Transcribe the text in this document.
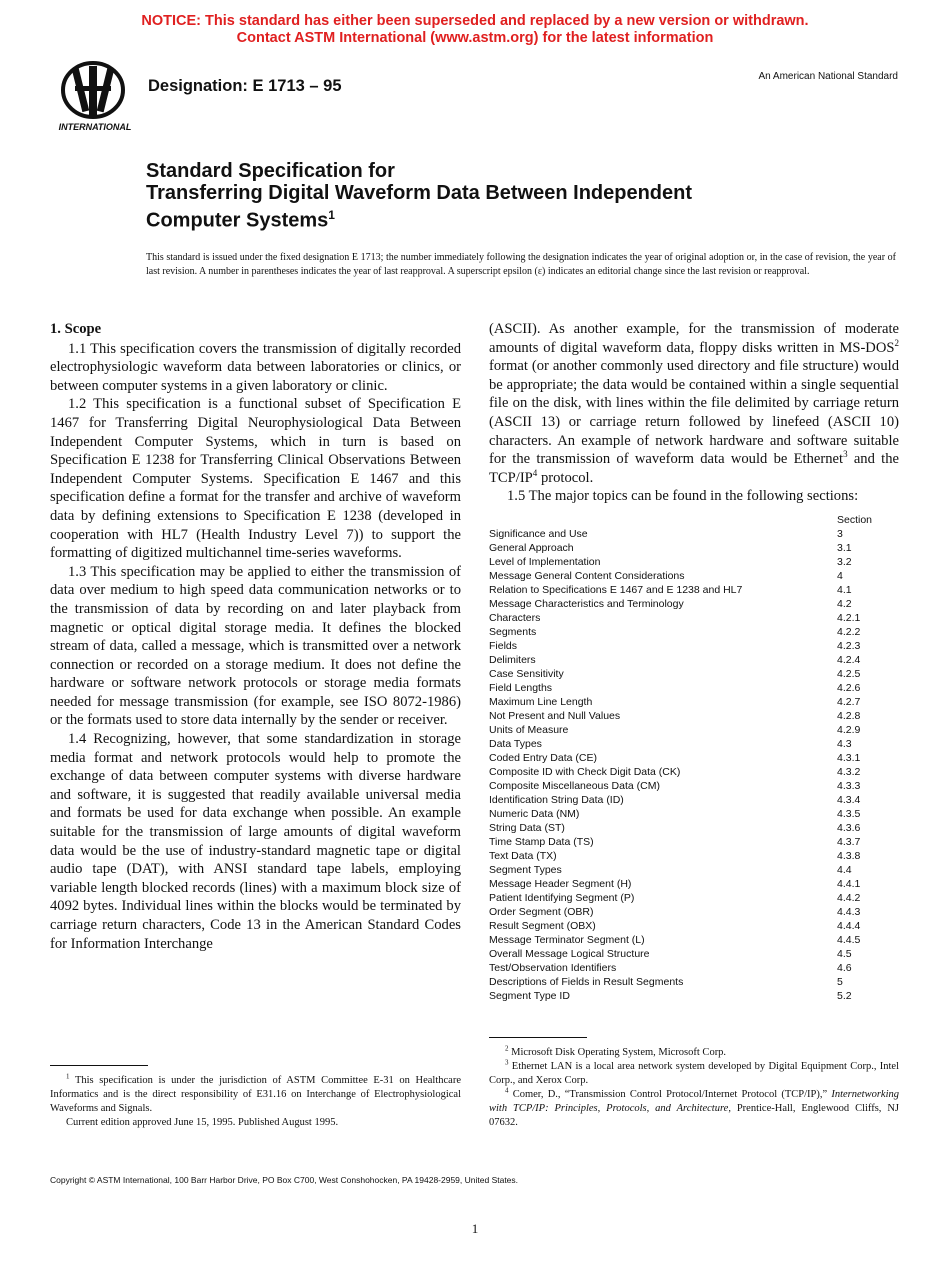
NOTICE: This standard has either been superseded and replaced by a new version or withdrawn.
Contact ASTM International (www.astm.org) for the latest information
INTERNATIONAL
Designation: E 1713 – 95
An American National Standard
Standard Specification for
Transferring Digital Waveform Data Between Independent
Computer Systems$^1$
This standard is issued under the fixed designation E 1713; the number immediately following the designation indicates the year of original adoption or, in the case of revision, the year of last revision. A number in parentheses indicates the year of last reapproval. A superscript epsilon (ε) indicates an editorial change since the last revision or reapproval.
1. Scope

1.1 This specification covers the transmission of digitally recorded electrophysiologic waveform data between laboratories or clinics, or between computer systems in a given laboratory or clinic.

1.2 This specification is a functional subset of Specification E 1467 for Transferring Digital Neurophysiological Data Between Independent Computer Systems, which in turn is based on Specification E 1238 for Transferring Clinical Observations Between Independent Computer Systems. Specification E 1467 and this specification define a format for the transfer and archive of waveform data by defining extensions to Specification E 1238 (developed in cooperation with HL7 (Health Industry Level 7)) to support the formatting of digitized multichannel time-series waveforms.

1.3 This specification may be applied to either the transmission of data over medium to high speed data communication networks or to the transmission of data by recording on and later playback from magnetic or optical digital storage media. It defines the blocked stream of data, called a message, which is transmitted over a network connection or recorded on a storage medium. It does not define the hardware or software network protocols or storage media formats needed for message transmission (for example, see ISO 8072-1986) or the formats used to store data internally by the sender or receiver.

1.4 Recognizing, however, that some standardization in storage media format and network protocols would help to promote the exchange of data between computer systems with diverse hardware and software, it is suggested that readily available universal media and formats be used for data exchange when possible. An example suitable for the transmission of large amounts of digital waveform data would be the use of industry-standard magnetic tape or digital audio tape (DAT), with ANSI standard tape labels, employing variable length blocked records (lines) with a maximum block size of 4092 bytes. Individual lines within the blocks would be terminated by carriage return characters, Code 13 in the American Standard Codes for Information Interchange

(ASCII). As another example, for the transmission of moderate amounts of digital waveform data, floppy disks written in MS-DOS$^2$ format (or another commonly used directory and file structure) would be appropriate; the data would be contained within a single sequential file on the disk, with lines within the file delimited by carriage return (ASCII 13) or carriage return followed by linefeed (ASCII 10) characters. An example of network hardware and software suitable for the transmission of waveform data would be Ethernet$^3$ and the TCP/$IP^4$ protocol.

1.5 The major topics can be found in the following sections:

Section
Significance and Use	3
General Approach	3.1
Level of Implementation	3.2
Message General Content Considerations	4
Relation to Specifications E 1467 and E 1238 and HL7	4.1
Message Characteristics and Terminology	4.2
Characters	4.2.1
Segments	4.2.2
Fields	4.2.3
Delimiters	4.2.4
Case Sensitivity	4.2.5
Field Lengths	4.2.6
Maximum Line Length	4.2.7
Not Present and Null Values	4.2.8
Units of Measure	4.2.9
Data Types	4.3
Coded Entry Data (CE)	4.3.1
Composite ID with Check Digit Data (CK)	4.3.2
Composite Miscellaneous Data (CM)	4.3.3
Identification String Data (ID)	4.3.4
Numeric Data (NM)	4.3.5
String Data (ST)	4.3.6
Time Stamp Data (TS)	4.3.7
Text Data (TX)	4.3.8
Segment Types	4.4
Message Header Segment (H)	4.4.1
Patient Identifying Segment (P)	4.4.2
Order Segment (OBR)	4.4.3
Result Segment (OBX)	4.4.4
Message Terminator Segment (L)	4.4.5
Overall Message Logical Structure	4.5
Test/Observation Identifiers	4.6
Descriptions of Fields in Result Segments	5
Segment Type ID	5.2

$^1$ This specification is under the jurisdiction of ASTM Committee E-31 on Healthcare Informatics and is the direct responsibility of E31.16 on Interchange of Electrophysiological Waveforms and Signals.

Current edition approved June 15, 1995. Published August 1995.

$^2$ Microsoft Disk Operating System, Microsoft Corp.

$^3$ Ethernet LAN is a local area network system developed by Digital Equipment Corp., Intel Corp., and Xerox Corp.

$^4$ Comer, D., “Transmission Control Protocol/Internet Protocol (TCP/IP),” Internetworking with TCP/IP: Principles, Protocols, and Architecture, Prentice-Hall, Englewood Cliffs, NJ 07632.

Copyright © ASTM International, 100 Barr Harbor Drive, PO Box C700, West Conshohocken, PA 19428-2959, United States.
1
